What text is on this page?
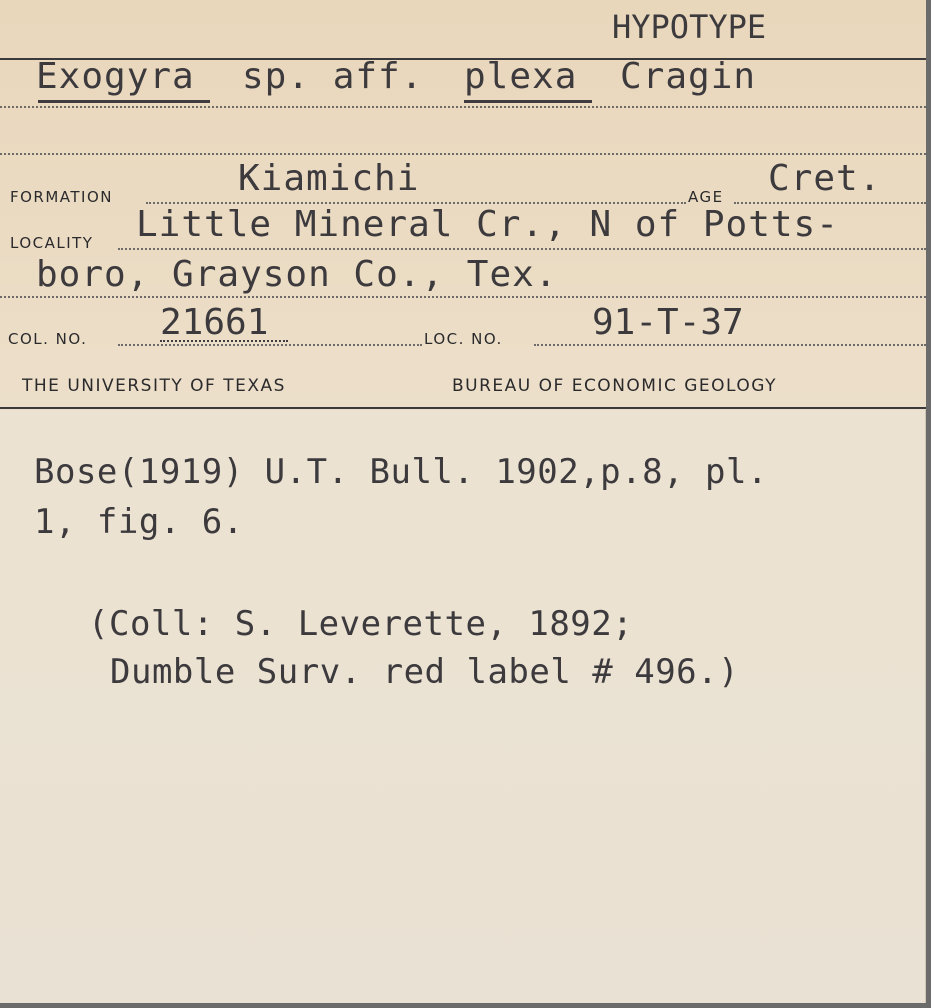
HYPOTYPE
Exogyra sp. aff. plexa Cragin
FORMATION	Kiamichi	AGE Cret.
LOCALITY Little Mineral Cr., N of Potts-
boro, Grayson Co., Tex.
COL. NO. 21661	LOC. NO. 91-T-37
THE UNIVERSITY OF TEXAS	BUREAU OF ECONOMIC GEOLOGY
Bose(1919) U.T. Bull. 1902,p.8, pl.
1, fig. 6.
(Coll: S. Leverette, 1892;
Dumble Surv. red label # 496.)
